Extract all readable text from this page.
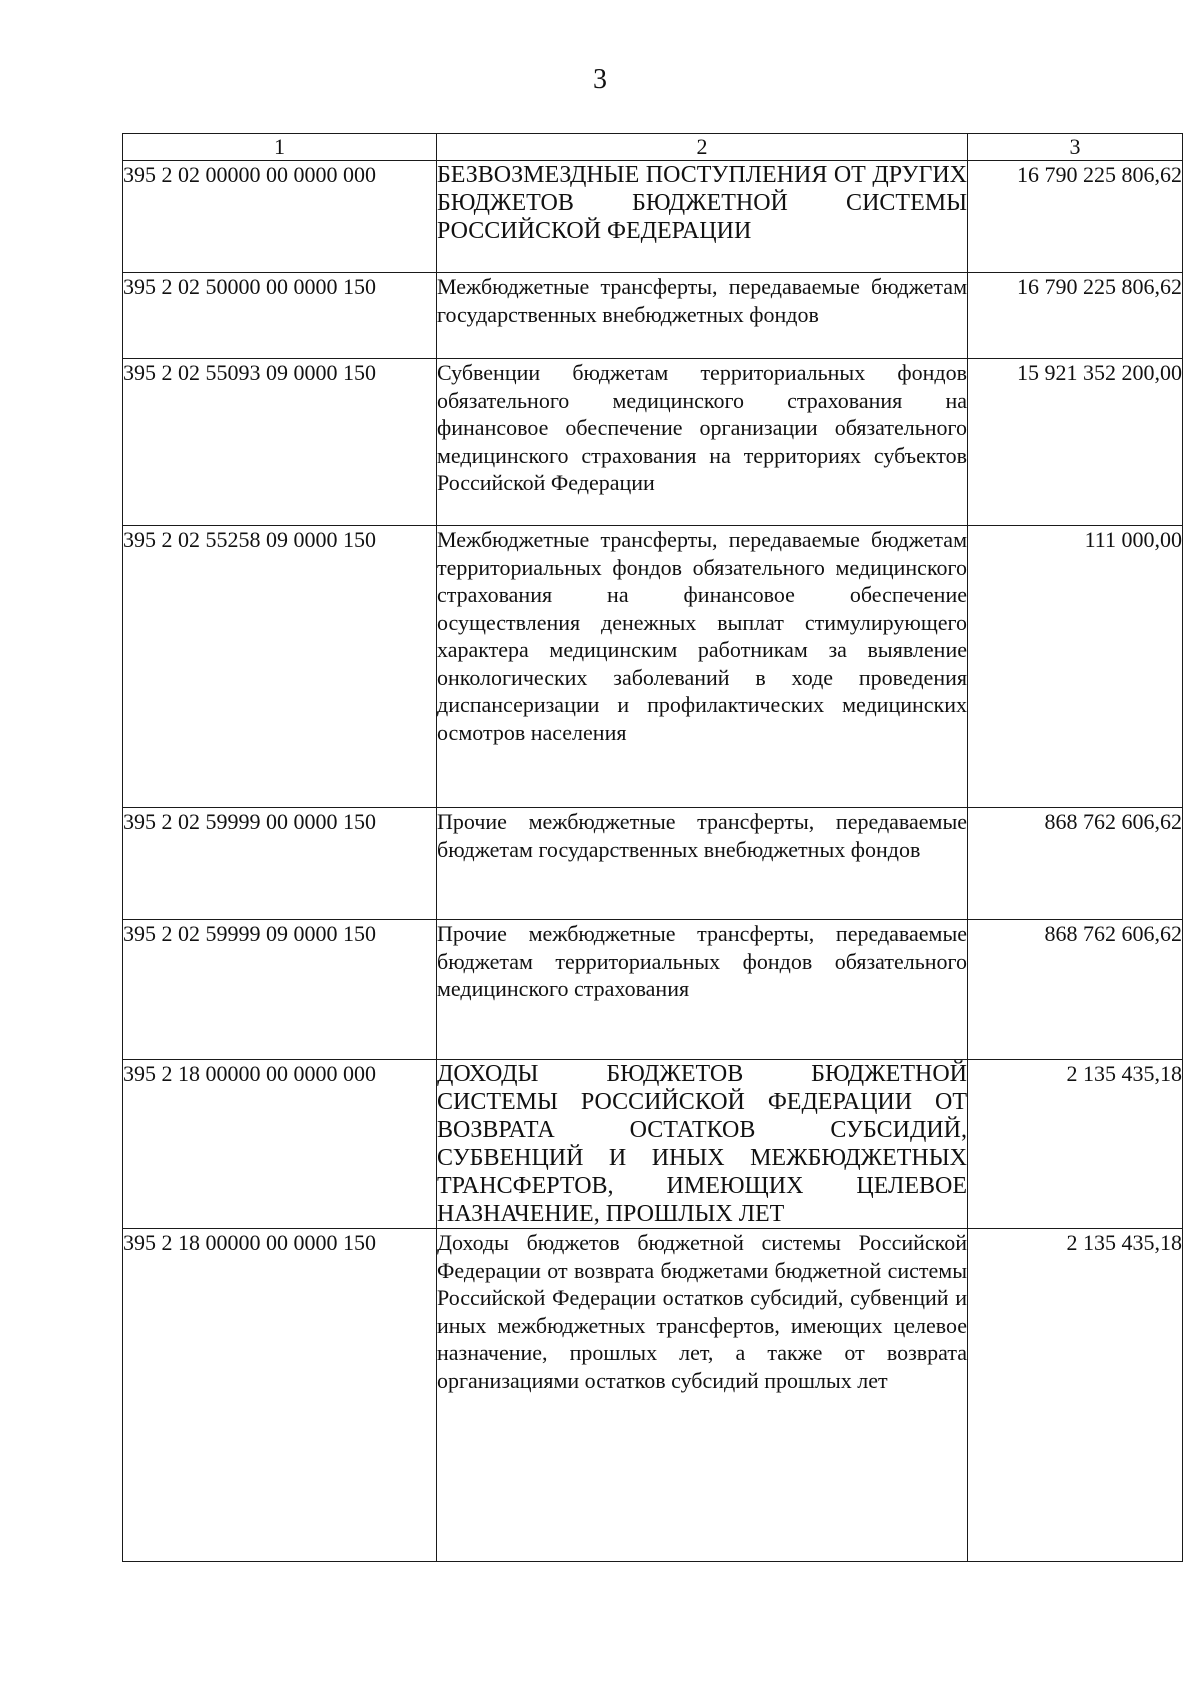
3
1	2	3
395 2 02 00000 00 0000 000	БЕЗВОЗМЕЗДНЫЕ ПОСТУПЛЕНИЯ ОТ ДРУГИХ БЮДЖЕТОВ БЮДЖЕТНОЙ СИСТЕМЫ РОССИЙСКОЙ ФЕДЕРАЦИИ	16 790 225 806,62
395 2 02 50000 00 0000 150	Межбюджетные трансферты, передаваемые бюджетам государственных внебюджетных фондов	16 790 225 806,62
395 2 02 55093 09 0000 150	Субвенции бюджетам территориальных фондов обязательного медицинского страхования на финансовое обеспечение организации обязательного медицинского страхования на территориях субъектов Российской Федерации	15 921 352 200,00
395 2 02 55258 09 0000 150	Межбюджетные трансферты, передаваемые бюджетам территориальных фондов обязательного медицинского страхования на финансовое обеспечение осуществления денежных выплат стимулирующего характера медицинским работникам за выявление онкологических заболеваний в ходе проведения диспансеризации и профилактических медицинских осмотров населения	111 000,00
395 2 02 59999 00 0000 150	Прочие межбюджетные трансферты, передаваемые бюджетам государственных внебюджетных фондов	868 762 606,62
395 2 02 59999 09 0000 150	Прочие межбюджетные трансферты, передаваемые бюджетам территориальных фондов обязательного медицинского страхования	868 762 606,62
395 2 18 00000 00 0000 000	ДОХОДЫ БЮДЖЕТОВ БЮДЖЕТНОЙ СИСТЕМЫ РОССИЙСКОЙ ФЕДЕРАЦИИ ОТ ВОЗВРАТА ОСТАТКОВ СУБСИДИЙ, СУБВЕНЦИЙ И ИНЫХ МЕЖБЮДЖЕТНЫХ ТРАНСФЕРТОВ, ИМЕЮЩИХ ЦЕЛЕВОЕ НАЗНАЧЕНИЕ, ПРОШЛЫХ ЛЕТ	2 135 435,18
395 2 18 00000 00 0000 150	Доходы бюджетов бюджетной системы Российской Федерации от возврата бюджетами бюджетной системы Российской Федерации остатков субсидий, субвенций и иных межбюджетных трансфертов, имеющих целевое назначение, прошлых лет, а также от возврата организациями остатков субсидий прошлых лет	2 135 435,18
